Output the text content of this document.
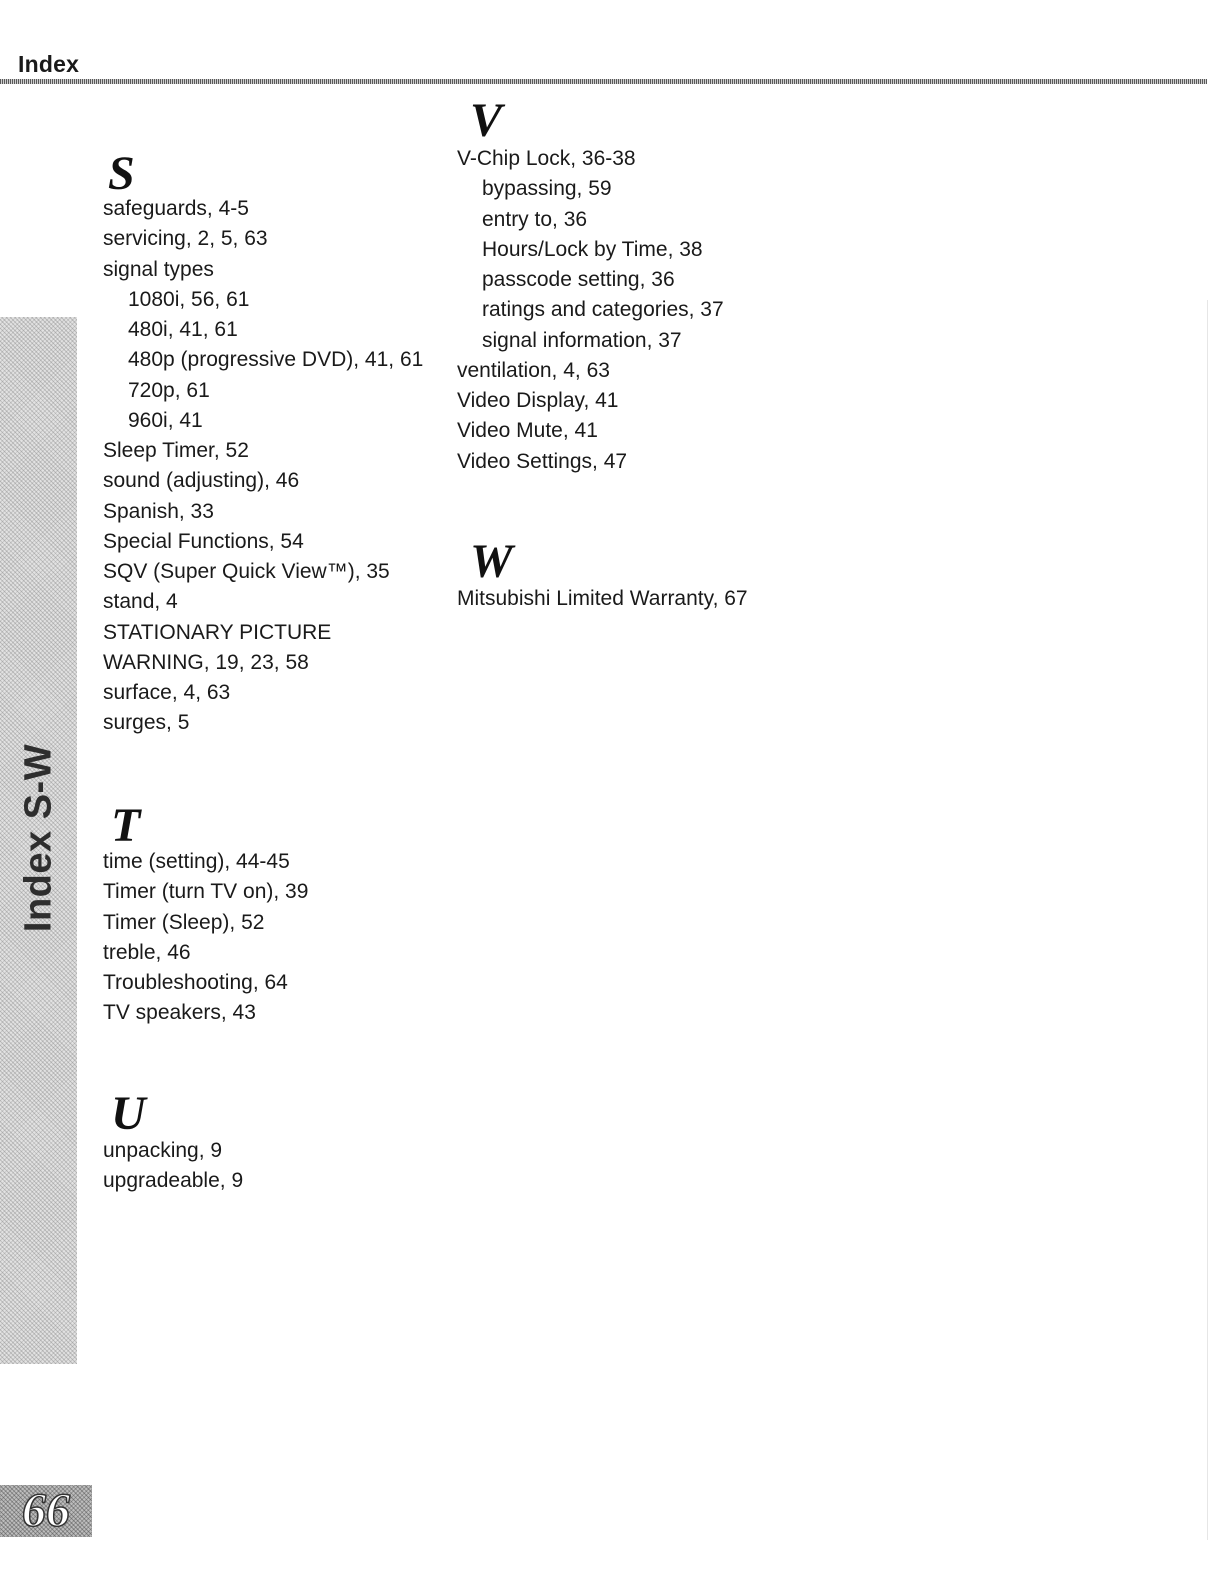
Index
Index S-W
S
safeguards, 4-5
servicing, 2, 5, 63
signal types
1080i, 56, 61
480i, 41, 61
480p (progressive DVD), 41, 61
720p, 61
960i, 41
Sleep Timer, 52
sound (adjusting), 46
Spanish, 33
Special Functions, 54
SQV (Super Quick View™), 35
stand, 4
STATIONARY PICTURE
WARNING, 19, 23, 58
surface, 4, 63
surges, 5
T
time (setting), 44-45
Timer (turn TV on), 39
Timer (Sleep), 52
treble, 46
Troubleshooting, 64
TV speakers, 43
U
unpacking, 9
upgradeable, 9
V
V-Chip Lock, 36-38
bypassing, 59
entry to, 36
Hours/Lock by Time, 38
passcode setting, 36
ratings and categories, 37
signal information, 37
ventilation, 4, 63
Video Display, 41
Video Mute, 41
Video Settings, 47
W
Mitsubishi Limited Warranty, 67
66
